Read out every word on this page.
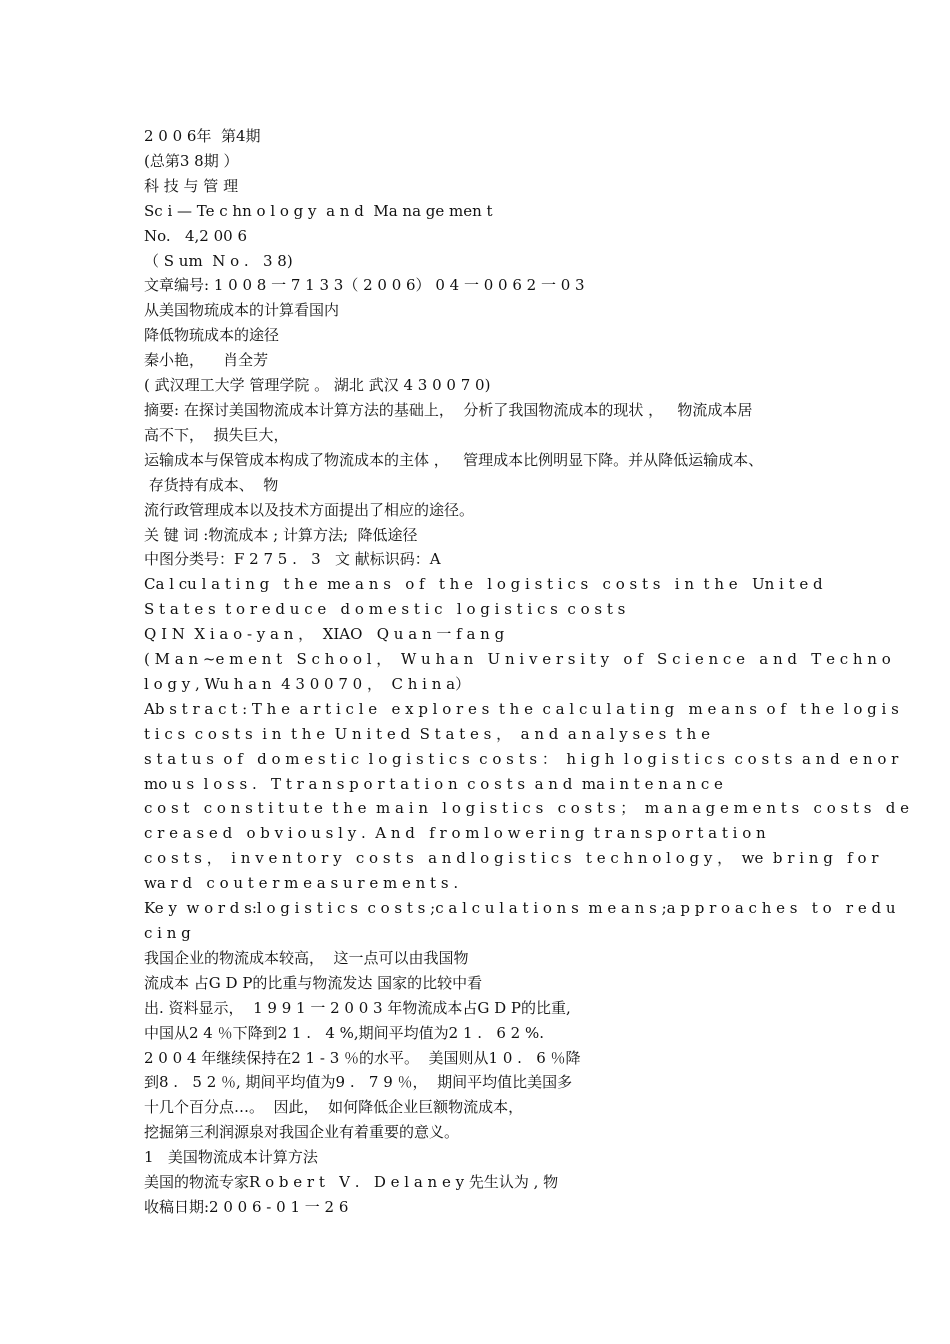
2 0 0 6年  第4期
(总第3 8期 ）
科 技 与 管 理
Sc i — Te c hn o l o g y  a n d  Ma na ge men t
No.   4,2 00 6
（ S um  N o .   3 8)
文章编号: 1 0 0 8 一 7 1 3 3（ 2 0 0 6） 0 4 一 0 0 6 2 一 0 3
从美国物琉成本的计算看国内
降低物琉成本的途径
秦小艳，    肖全芳
( 武汉理工大学 管理学院 。 湖北 武汉 4 3 0 0 7 0)
摘要: 在探讨美国物流成本计算方法的基础上，  分析了我国物流成本的现状 ，   物流成本居
高不下，  损失巨大，
运输成本与保管成本构成了物流成本的主体 ，   管理成本比例明显下降。并从降低运输成本、
存货持有成本、  物
流行政管理成本以及技术方面提出了相应的途径。
关 键 词 :物流成本 ; 计算方法;  降低途径
中图分类号：F 2 7 5 .   3   文 献标识码：A
Ca l cu l a t i n g   t h e  me a n s   o f   t h e   l o g i s t i c s   c o s t s   i n  t h e   Un i t e d
S t a t e s  t o r e d u c e   d o m e s t i c   l o g i s t i c s  c o s t s
Q I N  X i a o - y a n ，  XIAO   Q u a n 一 f a n g
( M a n ~e m e n t   S c h o o l ，  W u h a n   U n i v e r s i t y   o f   S c i e n c e   a n d   T e c h n o
l o g y , Wu h a n  4 3 0 0 7 0 ，  C h i n a）
Ab s t r a c t : T h e  a r t i c l e   e x p l o r e s  t h e  c a l c u l a t i n g   m e a n s  o f   t h e  l o g i s
t i c s  c o s t s  i n  t h e  U n i t e d  S t a t e s ，  a n d  a n a l y s e s  t h e
s t a t u s  o f   d o m e s t i c  l o g i s t i c s  c o s t s ：  h i g h  l o g i s t i c s  c o s t s  a n d  e n o r
mo u s  l o s s .   T t r a n s p o r t a t i o n  c o s t s  a n d  ma i n t e n a n c e
c o s t   c o n s t i t u t e  t h e  m a i n   l o g i s t i c s   c o s t s ；  m a n a g e m e n t s   c o s t s   d e
c r e a s e d   o b v i o u s l y .  A n d   f r o m l o w e r i n g  t r a n s p o r t a t i o n
c o s t s ，  i n v e n t o r y   c o s t s   a n d l o g i s t i c s   t e c h n o l o g y ，  we  b r i n g   f o r
wa r d   c o u t e r m e a s u r e m e n t s .
Ke y  w o r d s:l o g i s t i c s  c o s t s ;c a l c u l a t i o n s  m e a n s ;a p p r o a c h e s   t o   r e d u
c i n g
我国企业的物流成本较高，  这一点可以由我国物
流成本 占G D P的比重与物流发达 国家的比较中看
出. 资料显示，  1 9 9 1 一 2 0 0 3 年物流成本占G D P的比重,
中国从2 4 ％下降到2 1 .   4 %,期间平均值为2 1 .   6 2 %.
2 0 0 4 年继续保持在2 1 - 3 ％的水平。  美国则从1 0 .   6 ％降
到8 .   5 2 ％, 期间平均值为9 .   7 9 ％，  期间平均值比美国多
十几个百分点…。  因此，  如何降低企业巨额物流成本，
挖掘第三利润源泉对我国企业有着重要的意义。
1   美国物流成本计算方法
美国的物流专家R o b e r t   V .   D e l a n e y 先生认为 , 物
收稿日期:2 0 0 6 - 0 1 一 2 6
